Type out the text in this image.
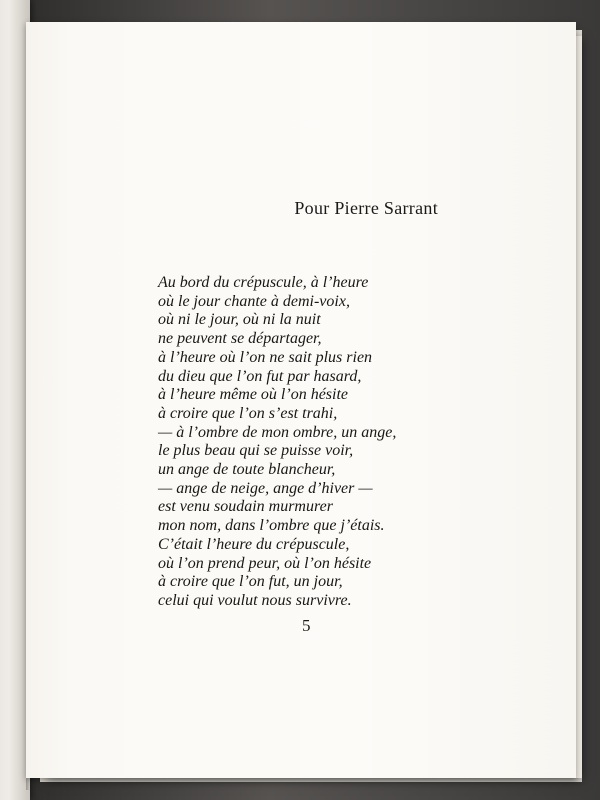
Pour Pierre Sarrant
Au bord du crépuscule, à l’heure
où le jour chante à demi-voix,
où ni le jour, où ni la nuit
ne peuvent se départager,
à l’heure où l’on ne sait plus rien
du dieu que l’on fut par hasard,
à l’heure même où l’on hésite
à croire que l’on s’est trahi,
— à l’ombre de mon ombre, un ange,
le plus beau qui se puisse voir,
un ange de toute blancheur,
— ange de neige, ange d’hiver —
est venu soudain murmurer
mon nom, dans l’ombre que j’étais.
C’était l’heure du crépuscule,
où l’on prend peur, où l’on hésite
à croire que l’on fut, un jour,
celui qui voulut nous survivre.
5
